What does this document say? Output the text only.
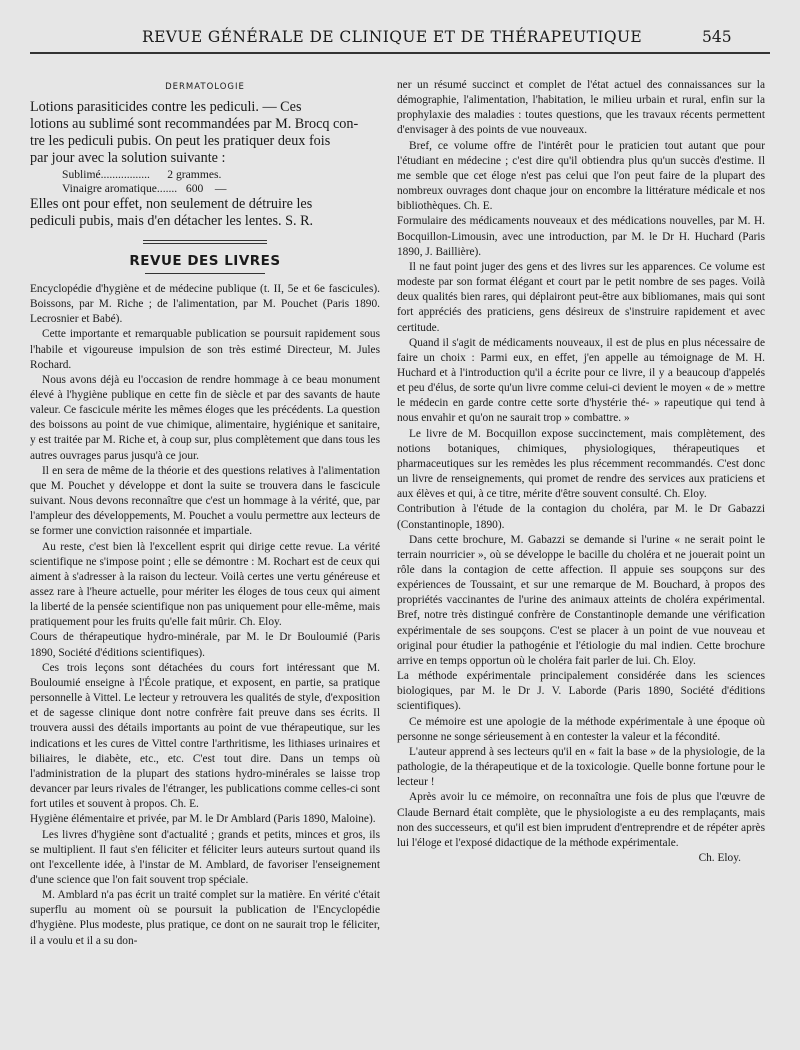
REVUE GÉNÉRALE DE CLINIQUE ET DE THÉRAPEUTIQUE	545
DERMATOLOGIE
Lotions parasiticides contre les pediculi. — Ces
lotions au sublimé sont recommandées par M. Brocq con-
tre les pediculi pubis. On peut les pratiquer deux fois
par jour avec la solution suivante :
Sublimé.................      2 grammes.
Vinaigre aromatique.......   600    —
Elles ont pour effet, non seulement de détruire les
pediculi pubis, mais d'en détacher les lentes. S. R.
REVUE DES LIVRES

Encyclopédie d'hygiène et de médecine publique (t. II, 5e et 6e fascicules). Boissons, par M. Riche ; de l'alimentation, par M. Pouchet (Paris 1890. Lecrosnier et Babé).

Cette importante et remarquable publication se poursuit rapidement sous l'habile et vigoureuse impulsion de son très estimé Directeur, M. Jules Rochard.

Nous avons déjà eu l'occasion de rendre hommage à ce beau monument élevé à l'hygiène publique en cette fin de siècle et par des savants de haute valeur. Ce fascicule mérite les mêmes éloges que les précédents. La question des boissons au point de vue chimique, alimentaire, hygiénique et sanitaire, y est traitée par M. Riche et, à coup sur, plus complètement que dans tous les autres ouvrages parus jusqu'à ce jour.

Il en sera de même de la théorie et des questions relatives à l'alimentation que M. Pouchet y développe et dont la suite se trouvera dans le fascicule suivant. Nous devons reconnaître que c'est un hommage à la vérité, que, par l'ampleur des développements, M. Pouchet a voulu permettre aux lecteurs de se former une conviction raisonnée et impartiale.

Au reste, c'est bien là l'excellent esprit qui dirige cette revue. La vérité scientifique ne s'impose point ; elle se démontre : M. Rochart est de ceux qui aiment à s'adresser à la raison du lecteur. Voilà certes une vertu généreuse et assez rare à l'heure actuelle, pour mériter les éloges de tous ceux qui aiment la liberté de la pensée scientifique non pas uniquement pour elle-même, mais pratiquement pour les fruits qu'elle fait mûrir. Ch. Eloy.

Cours de thérapeutique hydro-minérale, par M. le Dr Bouloumié (Paris 1890, Société d'éditions scientifiques).

Ces trois leçons sont détachées du cours fort intéressant que M. Bouloumié enseigne à l'École pratique, et exposent, en partie, sa pratique personnelle à Vittel. Le lecteur y retrouvera les qualités de style, d'exposition et de sagesse clinique dont notre confrère fait preuve dans ses écrits. Il trouvera aussi des détails importants au point de vue thérapeutique, sur les indications et les cures de Vittel contre l'arthritisme, les lithiases urinaires et biliaires, le diabète, etc., etc. C'est tout dire. Dans un temps où l'administration de la plupart des stations hydro-minérales se laisse trop devancer par leurs rivales de l'étranger, les publications comme celles-ci sont fort utiles et souvent à propos. Ch. E.

Hygiène élémentaire et privée, par M. le Dr Amblard (Paris 1890, Maloine).

Les livres d'hygiène sont d'actualité ; grands et petits, minces et gros, ils se multiplient. Il faut s'en féliciter et féliciter leurs auteurs surtout quand ils ont l'excellente idée, à l'instar de M. Amblard, de favoriser l'enseignement d'une science que l'on fait souvent trop spéciale.

M. Amblard n'a pas écrit un traité complet sur la matière. En vérité c'était superflu au moment où se poursuit la publication de l'Encyclopédie d'hygiène. Plus modeste, plus pratique, ce dont on ne saurait trop le féliciter, il a voulu et il a su don-

ner un résumé succinct et complet de l'état actuel des connaissances sur la démographie, l'alimentation, l'habitation, le milieu urbain et rural, enfin sur la prophylaxie des maladies : toutes questions, que les travaux récents permettent d'envisager à des points de vue nouveaux.

Bref, ce volume offre de l'intérêt pour le praticien tout autant que pour l'étudiant en médecine ; c'est dire qu'il obtiendra plus qu'un succès d'estime. Il me semble que cet éloge n'est pas celui que l'on peut faire de la plupart des nombreux ouvrages dont chaque jour on encombre la littérature médicale et nos bibliothèques. Ch. E.

Formulaire des médicaments nouveaux et des médications nouvelles, par M. H. Bocquillon-Limousin, avec une introduction, par M. le Dr H. Huchard (Paris 1890, J. Baillière).

Il ne faut point juger des gens et des livres sur les apparences. Ce volume est modeste par son format élégant et court par le petit nombre de ses pages. Voilà deux qualités bien rares, qui déplairont peut-être aux bibliomanes, mais qui sont fort appréciés des praticiens, gens désireux de s'instruire rapidement et avec certitude.

Quand il s'agit de médicaments nouveaux, il est de plus en plus nécessaire de faire un choix : Parmi eux, en effet, j'en appelle au témoignage de M. H. Huchard et à l'introduction qu'il a écrite pour ce livre, il y a beaucoup d'appelés et peu d'élus, de sorte qu'un livre comme celui-ci devient le moyen « de » mettre le médecin en garde contre cette sorte d'hystérie thé- » rapeutique qui tend à nous envahir et qu'on ne saurait trop » combattre. »

Le livre de M. Bocquillon expose succinctement, mais complètement, des notions botaniques, chimiques, physiologiques, thérapeutiques et pharmaceutiques sur les remèdes les plus récemment recommandés. C'est donc un livre de renseignements, qui promet de rendre des services aux praticiens et aux élèves et qui, à ce titre, mérite d'être souvent consulté. Ch. Eloy.

Contribution à l'étude de la contagion du choléra, par M. le Dr Gabazzi (Constantinople, 1890).

Dans cette brochure, M. Gabazzi se demande si l'urine « ne serait point le terrain nourricier », où se développe le bacille du choléra et ne jouerait point un rôle dans la contagion de cette affection. Il appuie ses soupçons sur des expériences de Toussaint, et sur une remarque de M. Bouchard, à propos des propriétés vaccinantes de l'urine des animaux atteints de choléra expérimental. Bref, notre très distingué confrère de Constantinople demande une vérification expérimentale de ses soupçons. C'est se placer à un point de vue nouveau et original pour étudier la pathogénie et l'étiologie du mal indien. Cette brochure arrive en temps opportun où le choléra fait parler de lui. Ch. Eloy.

La méthode expérimentale principalement considérée dans les sciences biologiques, par M. le Dr J. V. Laborde (Paris 1890, Société d'éditions scientifiques).

Ce mémoire est une apologie de la méthode expérimentale à une époque où personne ne songe sérieusement à en contester la valeur et la fécondité.

L'auteur apprend à ses lecteurs qu'il en « fait la base » de la physiologie, de la pathologie, de la thérapeutique et de la toxicologie. Quelle bonne fortune pour le lecteur !

Après avoir lu ce mémoire, on reconnaîtra une fois de plus que l'œuvre de Claude Bernard était complète, que le physiologiste a eu des remplaçants, mais non des successeurs, et qu'il est bien imprudent d'entreprendre et de répéter après lui l'éloge et l'exposé didactique de la méthode expérimentale.

Ch. Eloy.
